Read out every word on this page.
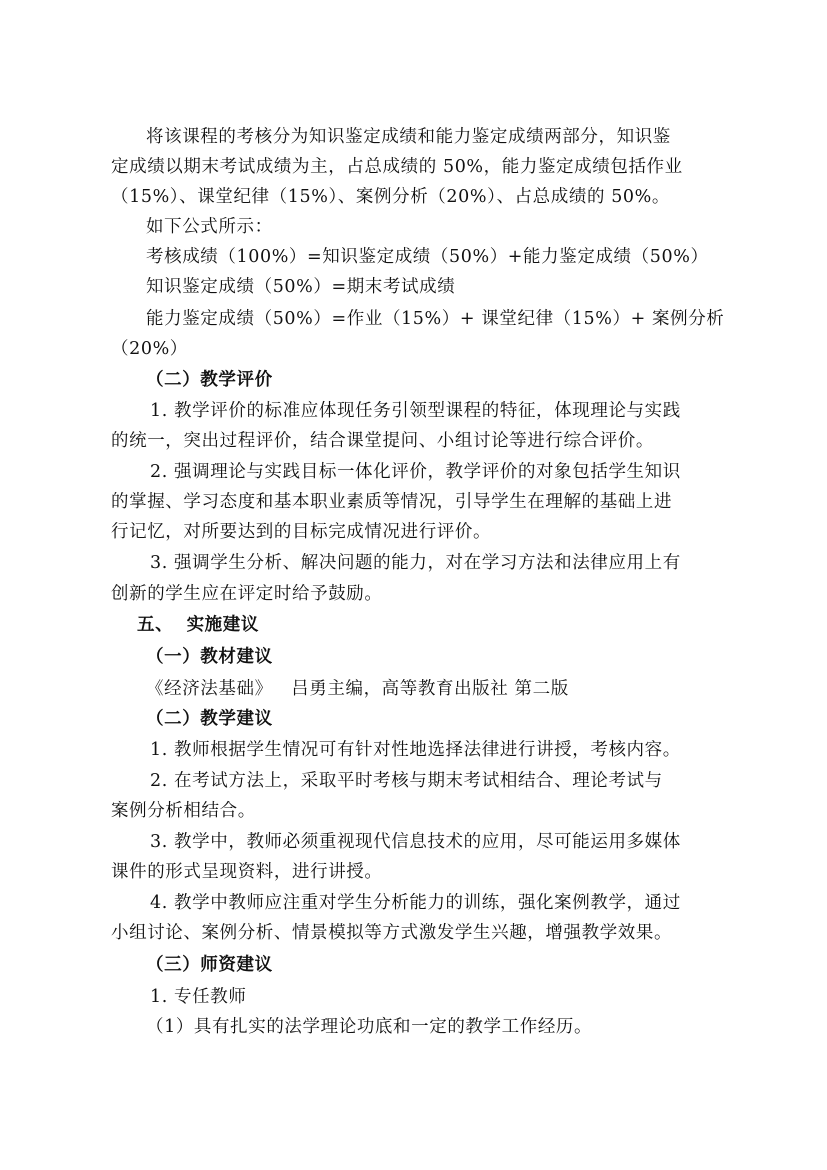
将该课程的考核分为知识鉴定成绩和能力鉴定成绩两部分，知识鉴
定成绩以期末考试成绩为主，占总成绩的 50%，能力鉴定成绩包括作业
（15%）、课堂纪律（15%）、案例分析（20%）、占总成绩的 50%。
如下公式所示：
考核成绩（100%）=知识鉴定成绩（50%）+能力鉴定成绩（50%）
知识鉴定成绩（50%）=期末考试成绩
能力鉴定成绩（50%）=作业（15%）+ 课堂纪律（15%）+ 案例分析
（20%）
（二）教学评价
1. 教学评价的标准应体现任务引领型课程的特征，体现理论与实践
的统一，突出过程评价，结合课堂提问、小组讨论等进行综合评价。
2. 强调理论与实践目标一体化评价，教学评价的对象包括学生知识
的掌握、学习态度和基本职业素质等情况，引导学生在理解的基础上进
行记忆，对所要达到的目标完成情况进行评价。
3. 强调学生分析、解决问题的能力，对在学习方法和法律应用上有
创新的学生应在评定时给予鼓励。
五、  实施建议
（一）教材建议
《经济法基础》   吕勇主编，高等教育出版社 第二版
（二）教学建议
1. 教师根据学生情况可有针对性地选择法律进行讲授，考核内容。
2. 在考试方法上，采取平时考核与期末考试相结合、理论考试与
案例分析相结合。
3. 教学中，教师必须重视现代信息技术的应用，尽可能运用多媒体
课件的形式呈现资料，进行讲授。
4. 教学中教师应注重对学生分析能力的训练，强化案例教学，通过
小组讨论、案例分析、情景模拟等方式激发学生兴趣，增强教学效果。
（三）师资建议
1. 专任教师
（1）具有扎实的法学理论功底和一定的教学工作经历。
